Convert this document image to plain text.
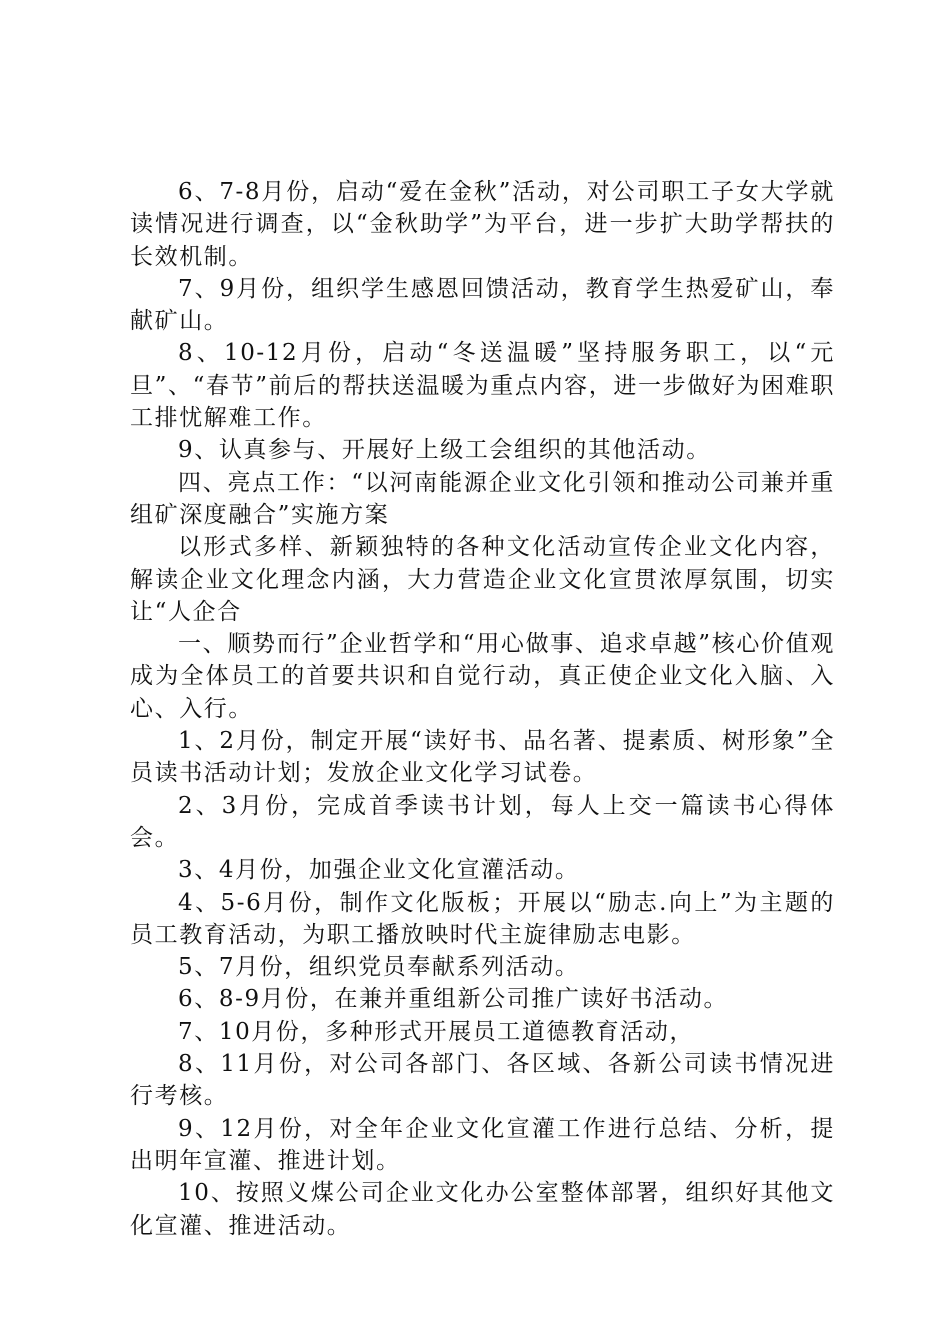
6、7-8月份，启动“爱在金秋”活动，对公司职工子女大学就读情况进行调查，以“金秋助学”为平台，进一步扩大助学帮扶的长效机制。

7、9月份，组织学生感恩回馈活动，教育学生热爱矿山，奉献矿山。

8、10-12月份，启动“冬送温暖”坚持服务职工，以“元旦”、“春节”前后的帮扶送温暖为重点内容，进一步做好为困难职工排忧解难工作。

9、认真参与、开展好上级工会组织的其他活动。

四、亮点工作：“以河南能源企业文化引领和推动公司兼并重组矿深度融合”实施方案

以形式多样、新颖独特的各种文化活动宣传企业文化内容，解读企业文化理念内涵，大力营造企业文化宣贯浓厚氛围，切实让“人企合

一、顺势而行”企业哲学和“用心做事、追求卓越”核心价值观成为全体员工的首要共识和自觉行动，真正使企业文化入脑、入心、入行。

1、2月份，制定开展“读好书、品名著、提素质、树形象”全员读书活动计划；发放企业文化学习试卷。

2、3月份，完成首季读书计划，每人上交一篇读书心得体会。

3、4月份，加强企业文化宣灌活动。

4、5-6月份，制作文化版板；开展以“励志.向上”为主题的员工教育活动，为职工播放映时代主旋律励志电影。

5、7月份，组织党员奉献系列活动。

6、8-9月份，在兼并重组新公司推广读好书活动。

7、10月份，多种形式开展员工道德教育活动，

8、11月份，对公司各部门、各区域、各新公司读书情况进行考核。

9、12月份，对全年企业文化宣灌工作进行总结、分析，提出明年宣灌、推进计划。

10、按照义煤公司企业文化办公室整体部署，组织好其他文化宣灌、推进活动。
